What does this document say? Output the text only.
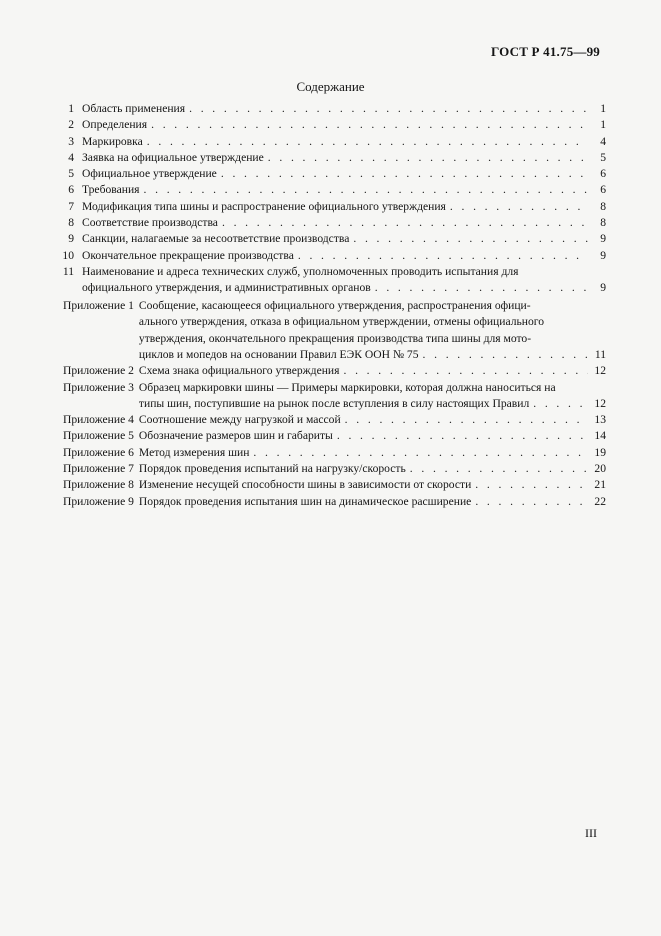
ГОСТ Р 41.75—99
Содержание
1 Область применения . . .	1
2 Определения . . .	1
3 Маркировка . . .	4
4 Заявка на официальное утверждение . . .	5
5 Официальное утверждение . . .	6
6 Требования . . .	6
7 Модификация типа шины и распространение официального утверждения . . .	8
8 Соответствие производства . . .	8
9 Санкции, налагаемые за несоответствие производства . . .	9
10 Окончательное прекращение производства . . .	9
11 Наименование и адреса технических служб, уполномоченных проводить испытания для
официального утверждения, и административных органов . . .	9
Приложение 1 Сообщение, касающееся официального утверждения, распространения офици-
ального утверждения, отказа в официальном утверждении, отмены официального
утверждения, окончательного прекращения производства типа шины для мото-
циклов и мопедов на основании Правил ЕЭК ООН № 75 . . .	11
Приложение 2 Схема знака официального утверждения . . .	12
Приложение 3 Образец маркировки шины — Примеры маркировки, которая должна наноситься на
типы шин, поступившие на рынок после вступления в силу настоящих Правил . . .	12
Приложение 4 Соотношение между нагрузкой и массой . . .	13
Приложение 5 Обозначение размеров шин и габариты . . .	14
Приложение 6 Метод измерения шин . . .	19
Приложение 7 Порядок проведения испытаний на нагрузку/скорость . . .	20
Приложение 8 Изменение несущей способности шины в зависимости от скорости . . .	21
Приложение 9 Порядок проведения испытания шин на динамическое расширение . . .	22
III
